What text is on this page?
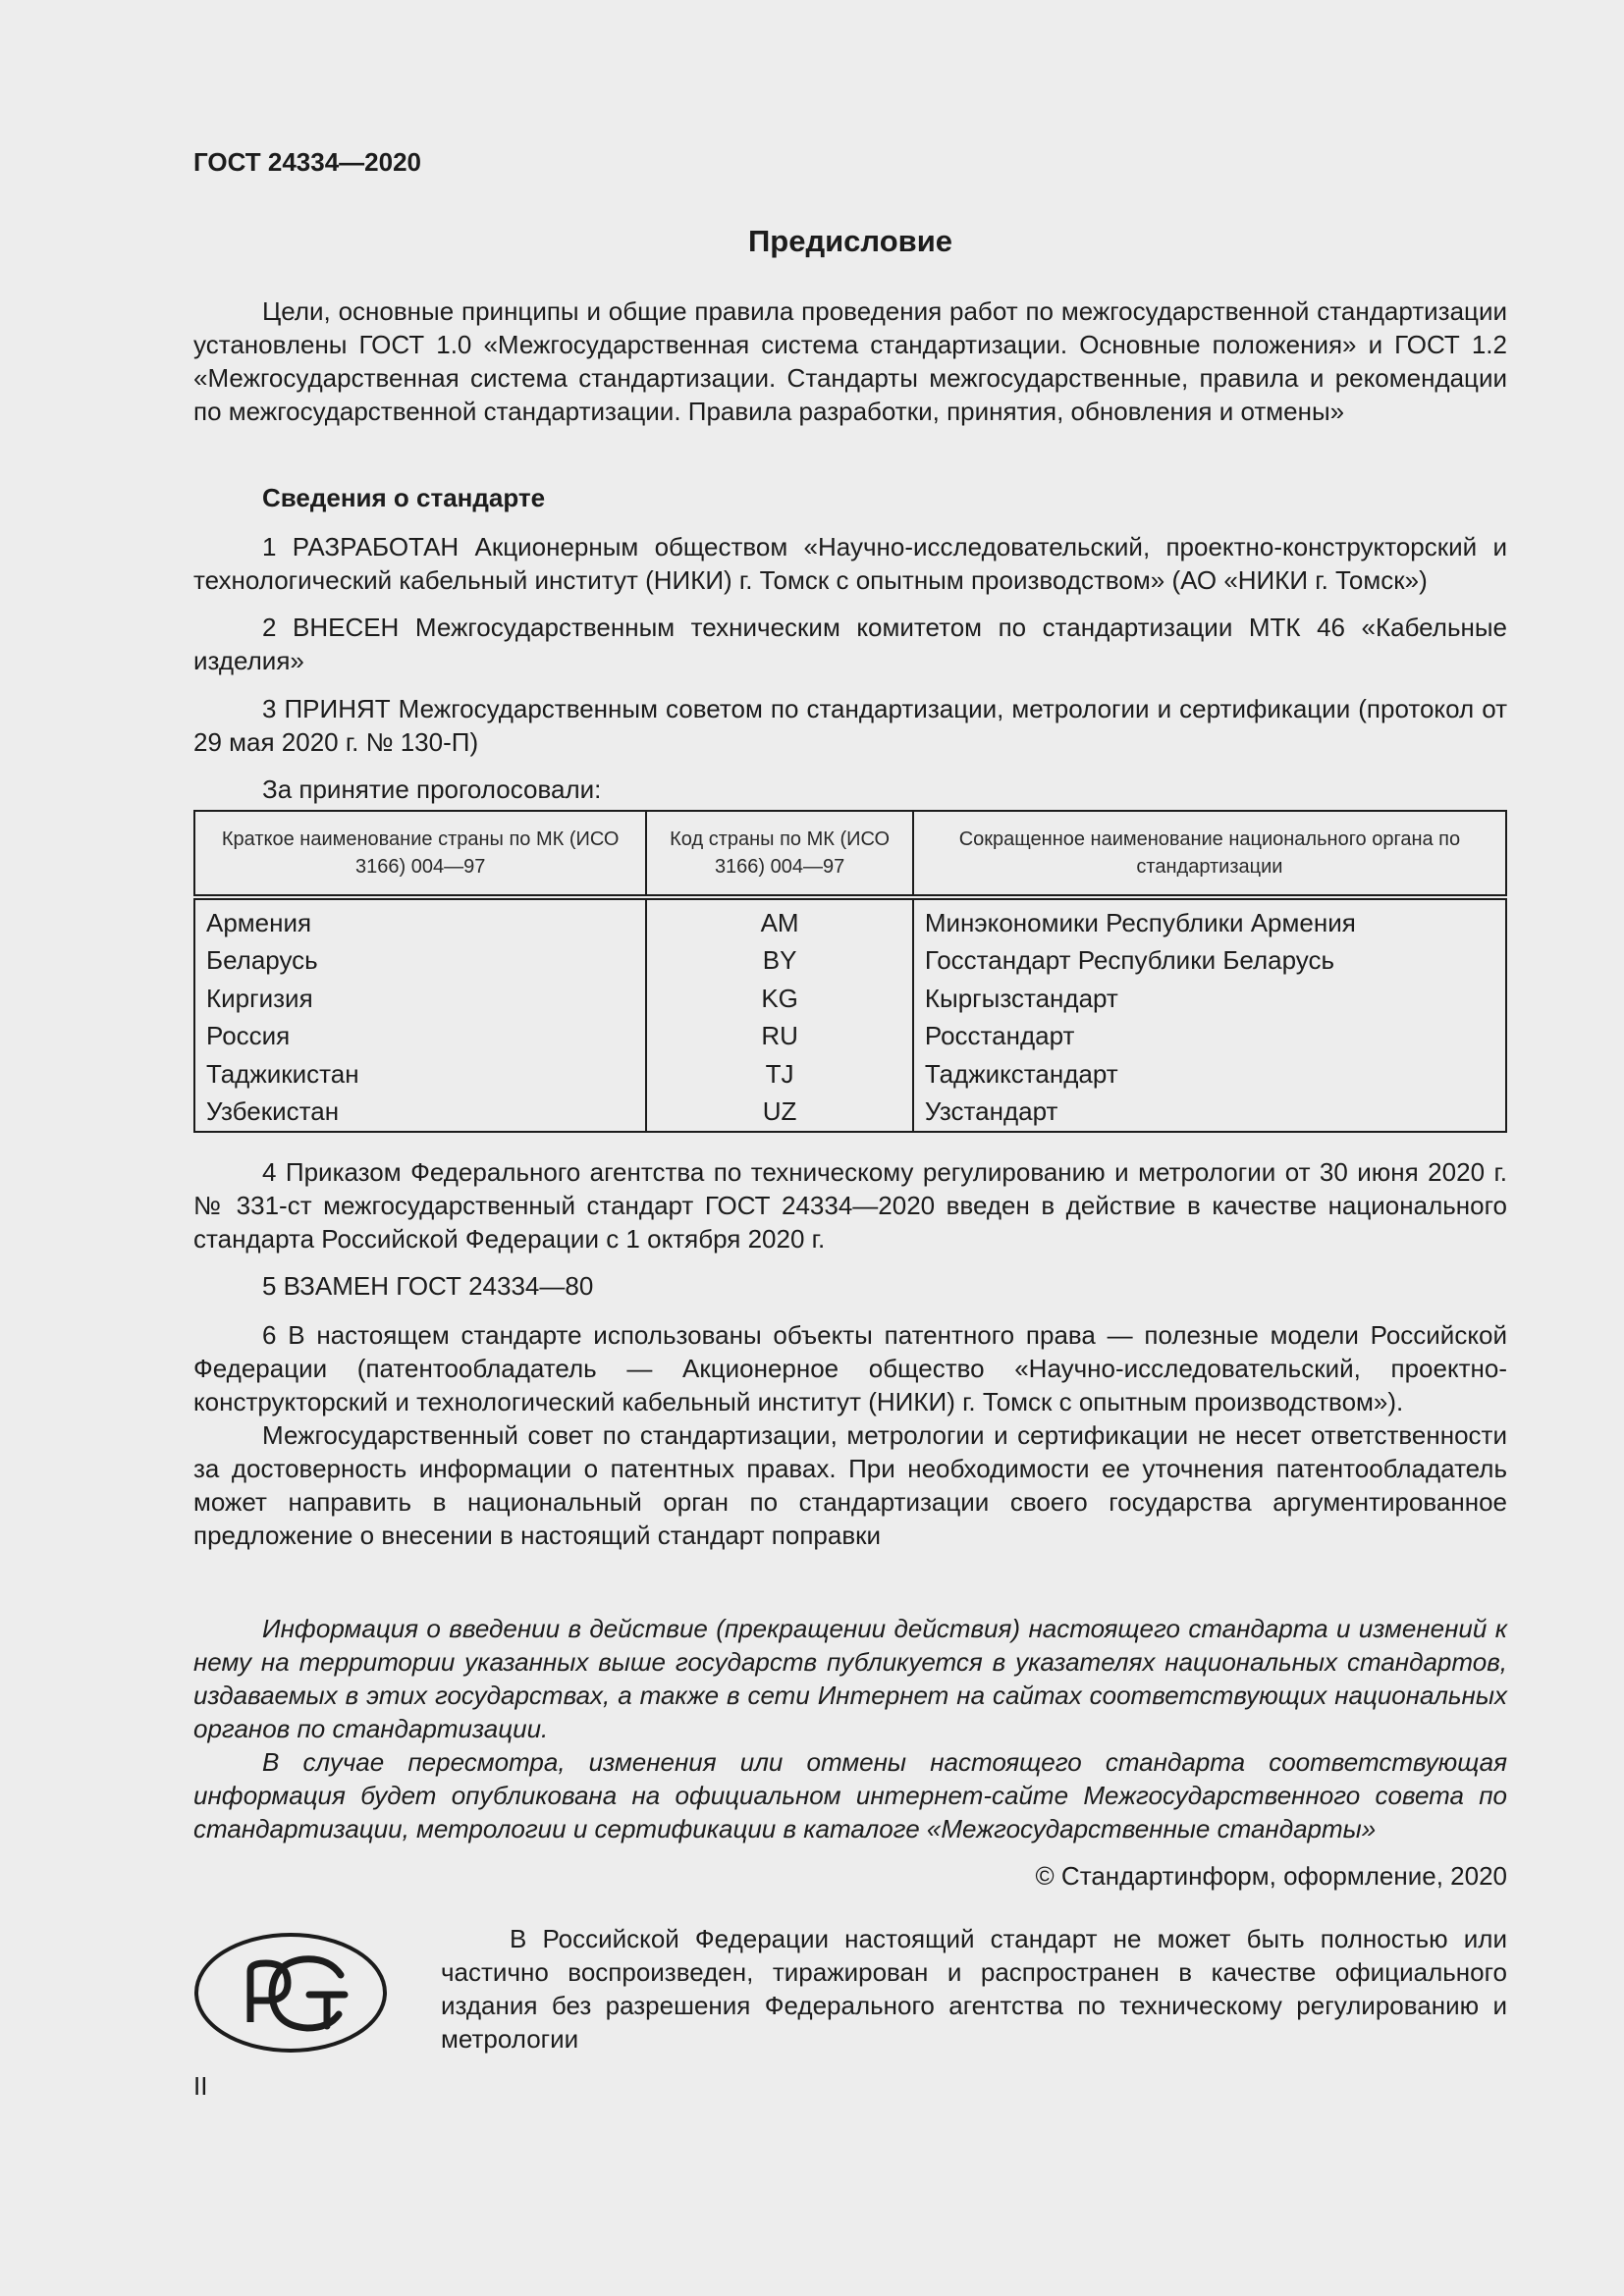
ГОСТ 24334—2020
Предисловие

Цели, основные принципы и общие правила проведения работ по межгосударственной стандартизации установлены ГОСТ 1.0 «Межгосударственная система стандартизации. Основные положения» и ГОСТ 1.2 «Межгосударственная система стандартизации. Стандарты межгосударственные, правила и рекомендации по межгосударственной стандартизации. Правила разработки, принятия, обновления и отмены»

Сведения о стандарте

1 РАЗРАБОТАН Акционерным обществом «Научно-исследовательский, проектно-конструкторский и технологический кабельный институт (НИКИ) г. Томск с опытным производством» (АО «НИКИ г. Томск»)

2 ВНЕСЕН Межгосударственным техническим комитетом по стандартизации МТК 46 «Кабельные изделия»

3 ПРИНЯТ Межгосударственным советом по стандартизации, метрологии и сертификации (протокол от 29 мая 2020 г. № 130-П)

За принятие проголосовали:

Краткое наименование страны по МК (ИСО 3166) 004—97	Код страны по МК (ИСО 3166) 004—97	Сокращенное наименование национального органа по стандартизации
Армения	AM	Минэкономики Республики Армения
Беларусь	BY	Госстандарт Республики Беларусь
Киргизия	KG	Кыргызстандарт
Россия	RU	Росстандарт
Таджикистан	TJ	Таджикстандарт
Узбекистан	UZ	Узстандарт

4 Приказом Федерального агентства по техническому регулированию и метрологии от 30 июня 2020 г. № 331-ст межгосударственный стандарт ГОСТ 24334—2020 введен в действие в качестве национального стандарта Российской Федерации с 1 октября 2020 г.

5 ВЗАМЕН ГОСТ 24334—80

6 В настоящем стандарте использованы объекты патентного права — полезные модели Российской Федерации (патентообладатель — Акционерное общество «Научно-исследовательский, проектно-конструкторский и технологический кабельный институт (НИКИ) г. Томск с опытным производством»).

Межгосударственный совет по стандартизации, метрологии и сертификации не несет ответственности за достоверность информации о патентных правах. При необходимости ее уточнения патентообладатель может направить в национальный орган по стандартизации своего государства аргументированное предложение о внесении в настоящий стандарт поправки

Информация о введении в действие (прекращении действия) настоящего стандарта и изменений к нему на территории указанных выше государств публикуется в указателях национальных стандартов, издаваемых в этих государствах, а также в сети Интернет на сайтах соответствующих национальных органов по стандартизации.

В случае пересмотра, изменения или отмены настоящего стандарта соответствующая информация будет опубликована на официальном интернет-сайте Межгосударственного совета по стандартизации, метрологии и сертификации в каталоге «Межгосударственные стандарты»

© Стандартинформ, оформление, 2020

В Российской Федерации настоящий стандарт не может быть полностью или частично воспроизведен, тиражирован и распространен в качестве официального издания без разрешения Федерального агентства по техническому регулированию и метрологии

II
